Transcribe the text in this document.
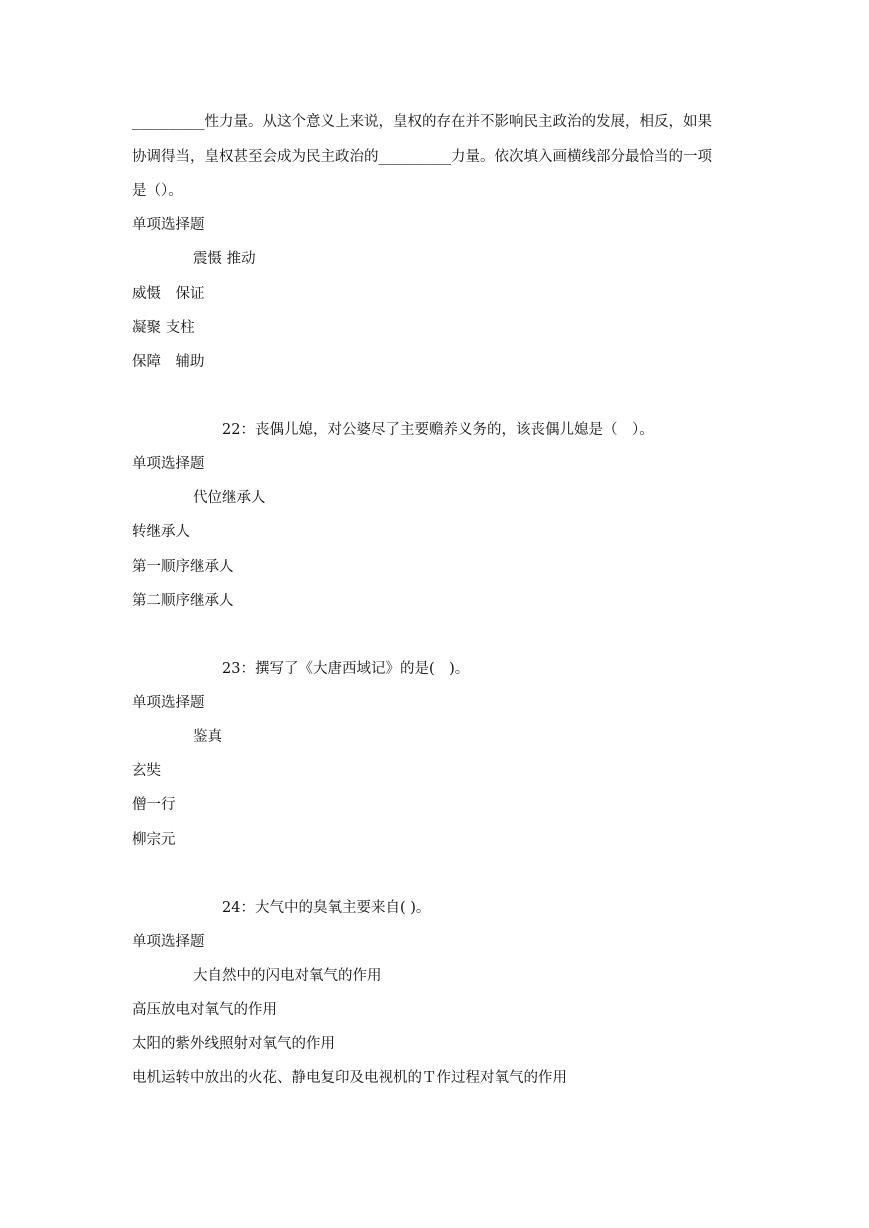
__________性力量。从这个意义上来说，皇权的存在并不影响民主政治的发展，相反，如果
协调得当，皇权甚至会成为民主政治的__________力量。依次填入画横线部分最恰当的一项
是（）。
单项选择题
震慑 推动
威慑　保证
凝聚 支柱
保障　辅助
22：丧偶儿媳，对公婆尽了主要赡养义务的，该丧偶儿媳是（　）。
单项选择题
代位继承人
转继承人
第一顺序继承人
第二顺序继承人
23：撰写了《大唐西域记》的是(　)。
单项选择题
鉴真
玄奘
僧一行
柳宗元
24：大气中的臭氧主要来自( )。
单项选择题
大自然中的闪电对氧气的作用
高压放电对氧气的作用
太阳的紫外线照射对氧气的作用
电机运转中放出的火花、静电复印及电视机的Ｔ作过程对氧气的作用
